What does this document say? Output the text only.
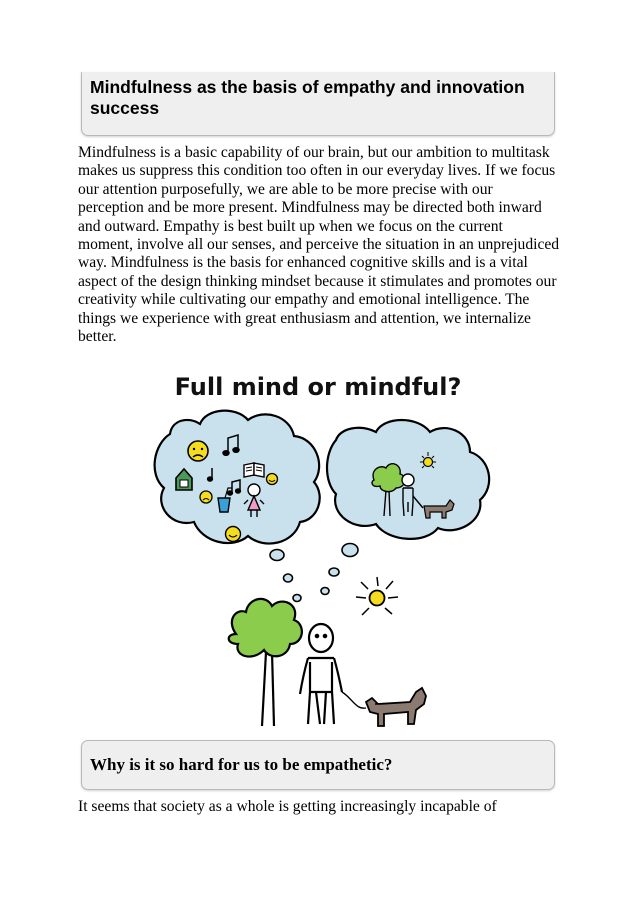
Mindfulness as the basis of empathy and innovation success
Mindfulness is a basic capability of our brain, but our ambition to multitask makes us suppress this condition too often in our everyday lives. If we focus our attention purposefully, we are able to be more precise with our perception and be more present. Mindfulness may be directed both inward and outward. Empathy is best built up when we focus on the current moment, involve all our senses, and perceive the situation in an unprejudiced way. Mindfulness is the basis for enhanced cognitive skills and is a vital aspect of the design thinking mindset because it stimulates and promotes our creativity while cultivating our empathy and emotional intelligence. The things we experience with great enthusiasm and attention, we internalize better.
Full mind or mindful?
Why is it so hard for us to be empathetic?
It seems that society as a whole is getting increasingly incapable of
